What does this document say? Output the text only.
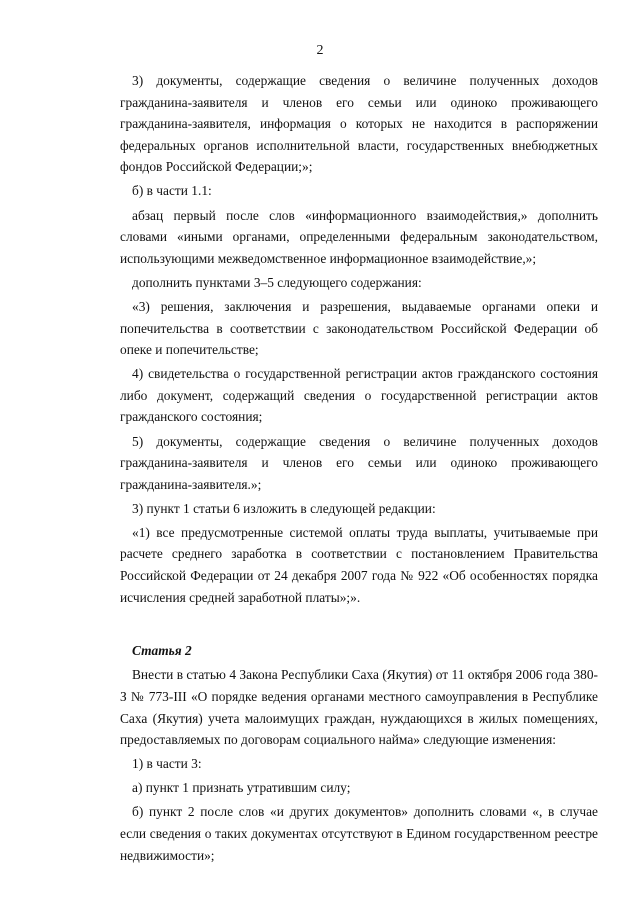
2

3) документы, содержащие сведения о величине полученных доходов гражданина-заявителя и членов его семьи или одиноко проживающего гражданина-заявителя, информация о которых не находится в распоряжении федеральных органов исполнительной власти, государственных внебюджетных фондов Российской Федерации;»;

б) в части 1.1:

абзац первый после слов «информационного взаимодействия,» дополнить словами «иными органами, определенными федеральным законодательством, использующими межведомственное информационное взаимодействие,»;

дополнить пунктами 3–5 следующего содержания:

«3) решения, заключения и разрешения, выдаваемые органами опеки и попечительства в соответствии с законодательством Российской Федерации об опеке и попечительстве;

4) свидетельства о государственной регистрации актов гражданского состояния либо документ, содержащий сведения о государственной регистрации актов гражданского состояния;

5) документы, содержащие сведения о величине полученных доходов гражданина-заявителя и членов его семьи или одиноко проживающего гражданина-заявителя.»;

3) пункт 1 статьи 6 изложить в следующей редакции:

«1) все предусмотренные системой оплаты труда выплаты, учитываемые при расчете среднего заработка в соответствии с постановлением Правительства Российской Федерации от 24 декабря 2007 года № 922 «Об особенностях порядка исчисления средней заработной платы»;».

Статья 2

Внести в статью 4 Закона Республики Саха (Якутия) от 11 октября 2006 года 380-З № 773-III «О порядке ведения органами местного самоуправления в Республике Саха (Якутия) учета малоимущих граждан, нуждающихся в жилых помещениях, предоставляемых по договорам социального найма» следующие изменения:

1) в части 3:

а) пункт 1 признать утратившим силу;

б) пункт 2 после слов «и других документов» дополнить словами «, в случае если сведения о таких документах отсутствуют в Едином государственном реестре недвижимости»;
